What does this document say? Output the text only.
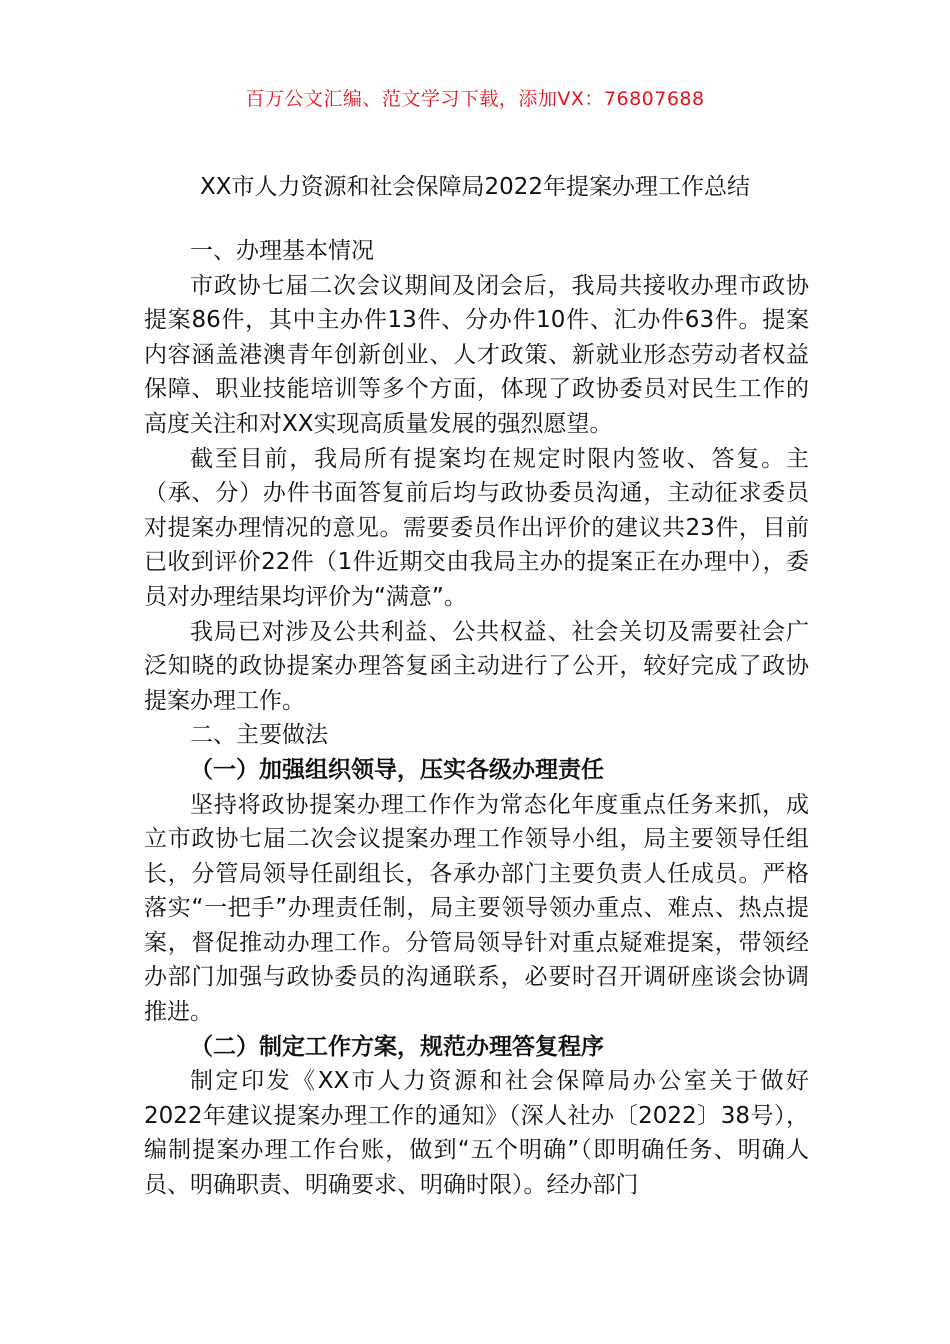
百万公文汇编、范文学习下载，添加VX：76807688
XX市人力资源和社会保障局2022年提案办理工作总结

一、办理基本情况

市政协七届二次会议期间及闭会后，我局共接收办理市政协提案86件，其中主办件13件、分办件10件、汇办件63件。提案内容涵盖港澳青年创新创业、人才政策、新就业形态劳动者权益保障、职业技能培训等多个方面，体现了政协委员对民生工作的高度关注和对XX实现高质量发展的强烈愿望。

截至目前，我局所有提案均在规定时限内签收、答复。主（承、分）办件书面答复前后均与政协委员沟通，主动征求委员对提案办理情况的意见。需要委员作出评价的建议共23件，目前已收到评价22件（1件近期交由我局主办的提案正在办理中），委员对办理结果均评价为“满意”。

我局已对涉及公共利益、公共权益、社会关切及需要社会广泛知晓的政协提案办理答复函主动进行了公开，较好完成了政协提案办理工作。

二、主要做法

（一）加强组织领导，压实各级办理责任

坚持将政协提案办理工作作为常态化年度重点任务来抓，成立市政协七届二次会议提案办理工作领导小组，局主要领导任组长，分管局领导任副组长，各承办部门主要负责人任成员。严格落实“一把手”办理责任制，局主要领导领办重点、难点、热点提案，督促推动办理工作。分管局领导针对重点疑难提案，带领经办部门加强与政协委员的沟通联系，必要时召开调研座谈会协调推进。

（二）制定工作方案，规范办理答复程序

制定印发《XX市人力资源和社会保障局办公室关于做好2022年建议提案办理工作的通知》（深人社办〔2022〕38号），编制提案办理工作台账，做到“五个明确”（即明确任务、明确人员、明确职责、明确要求、明确时限）。经办部门
